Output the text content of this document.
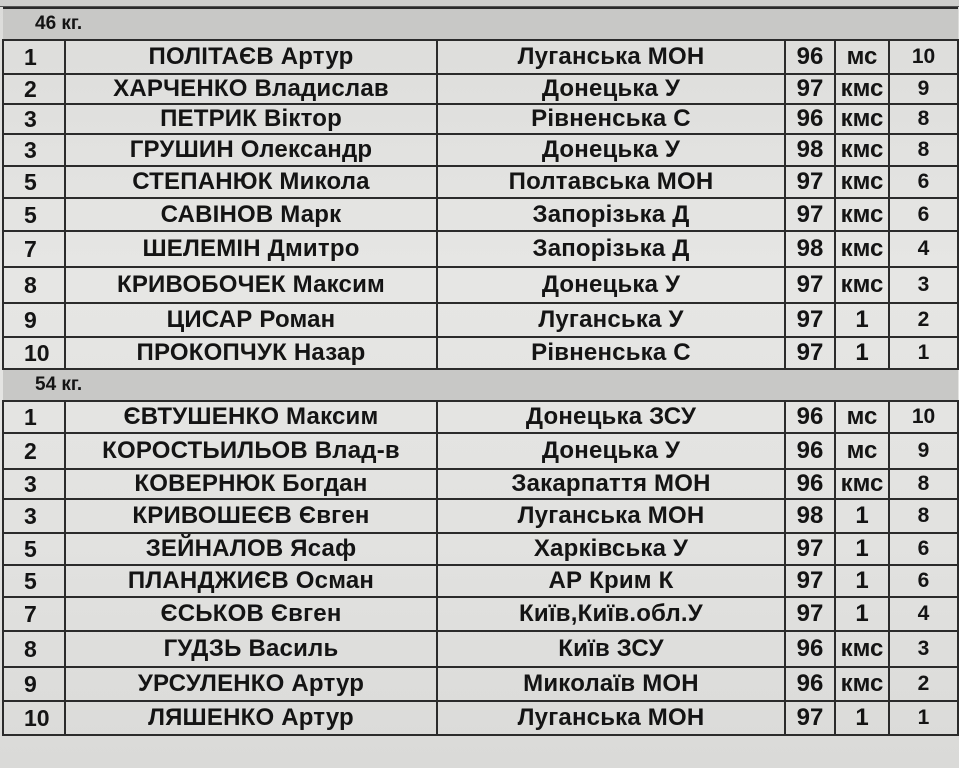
46 кг.					
1	ПОЛІТАЄВ Артур	Луганська МОН	96	мс	10
2	ХАРЧЕНКО Владислав	Донецька У	97	кмс	9
3	ПЕТРИК Віктор	Рівненська С	96	кмс	8
3	ГРУШИН Олександр	Донецька У	98	кмс	8
5	СТЕПАНЮК Микола	Полтавська МОН	97	кмс	6
5	САВІНОВ Марк	Запорізька Д	97	кмс	6
7	ШЕЛЕМІН Дмитро	Запорізька Д	98	кмс	4
8	КРИВОБОЧЕК Максим	Донецька У	97	кмс	3
9	ЦИСАР Роман	Луганська У	97	1	2
10	ПРОКОПЧУК Назар	Рівненська С	97	1	1
54 кг.					
1	ЄВТУШЕНКО Максим	Донецька ЗСУ	96	мс	10
2	КОРОСТЬИЛЬОВ Влад-в	Донецька У	96	мс	9
3	КОВЕРНЮК Богдан	Закарпаття МОН	96	кмс	8
3	КРИВОШЕЄВ Євген	Луганська МОН	98	1	8
5	ЗЕЙНАЛОВ Ясаф	Харківська У	97	1	6
5	ПЛАНДЖИЄВ Осман	АР Крим К	97	1	6
7	ЄСЬКОВ Євген	Київ,Київ.обл.У	97	1	4
8	ГУДЗЬ Василь	Київ ЗСУ	96	кмс	3
9	УРСУЛЕНКО Артур	Миколаїв МОН	96	кмс	2
10	ЛЯШЕНКО Артур	Луганська МОН	97	1	1
